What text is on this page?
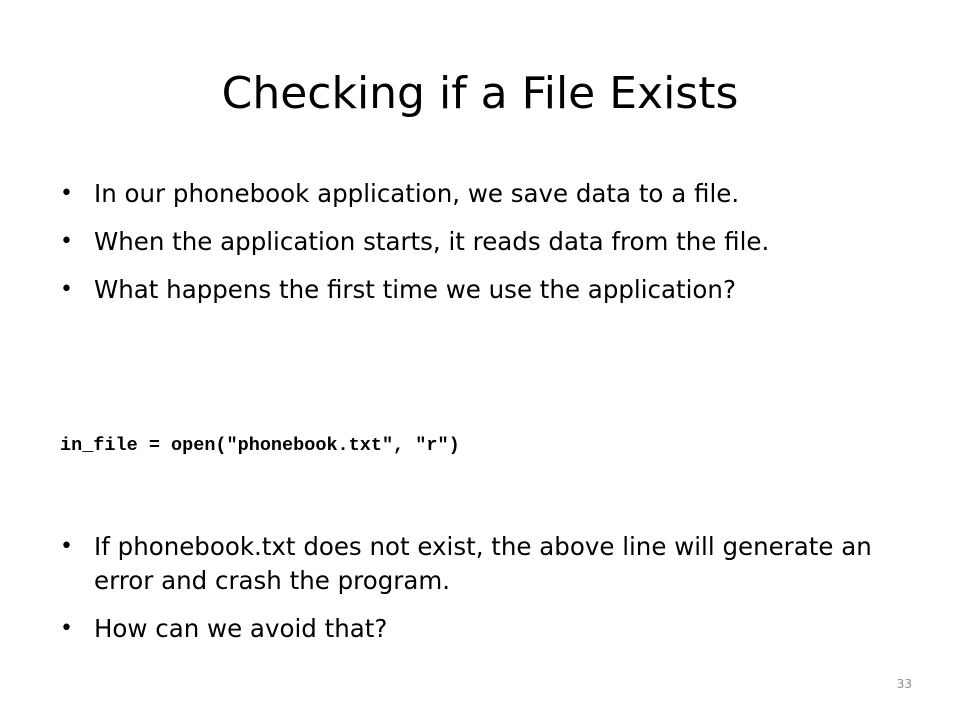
Checking if a File Exists
• In our phonebook application, we save data to a file.
• When the application starts, it reads data from the file.
• What happens the first time we use the application?
in_file = open("phonebook.txt", "r")
• If phonebook.txt does not exist, the above line will generate an error and crash the program.
• How can we avoid that?
33
